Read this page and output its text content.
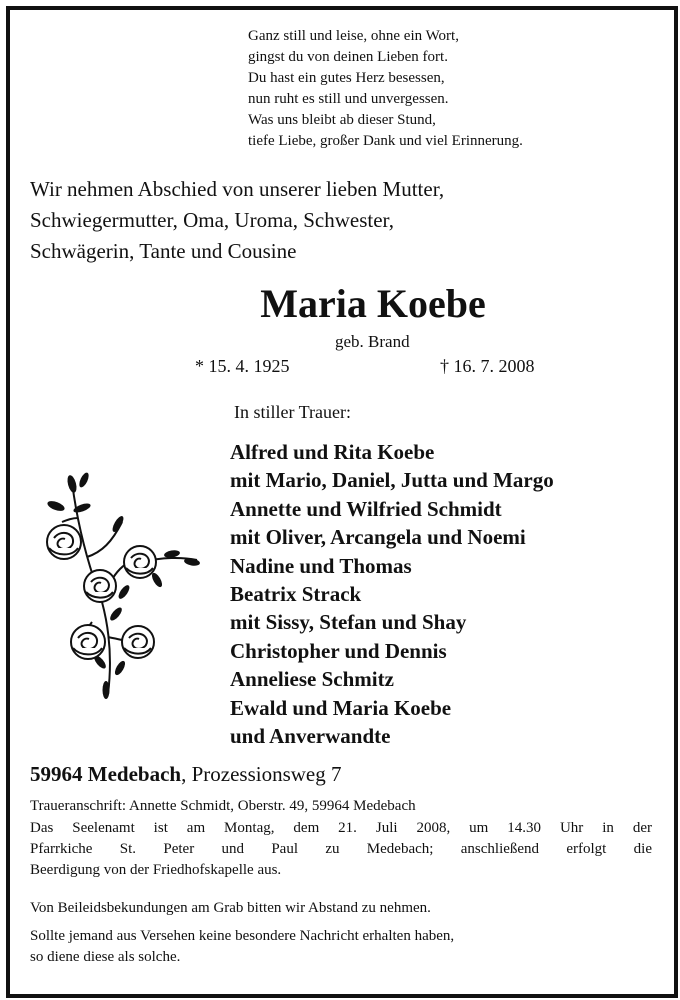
Ganz still und leise, ohne ein Wort,
gingst du von deinen Lieben fort.
Du hast ein gutes Herz besessen,
nun ruht es still und unvergessen.
Was uns bleibt ab dieser Stund,
tiefe Liebe, großer Dank und viel Erinnerung.
Wir nehmen Abschied von unserer lieben Mutter,
Schwiegermutter, Oma, Uroma, Schwester,
Schwägerin, Tante und Cousine
Maria Koebe
geb. Brand
* 15. 4. 1925	† 16. 7. 2008
In stiller Trauer:
Alfred und Rita Koebe
mit Mario, Daniel, Jutta und Margo
Annette und Wilfried Schmidt
mit Oliver, Arcangela und Noemi
Nadine und Thomas
Beatrix Strack
mit Sissy, Stefan und Shay
Christopher und Dennis
Anneliese Schmitz
Ewald und Maria Koebe
und Anverwandte
59964 Medebach, Prozessionsweg 7
Traueranschrift: Annette Schmidt, Oberstr. 49, 59964 Medebach
Das Seelenamt ist am Montag, dem 21. Juli 2008, um 14.30 Uhr in der
Pfarrkiche St. Peter und Paul zu Medebach; anschließend erfolgt die
Beerdigung von der Friedhofskapelle aus.
Von Beileidsbekundungen am Grab bitten wir Abstand zu nehmen.
Sollte jemand aus Versehen keine besondere Nachricht erhalten haben,
so diene diese als solche.
